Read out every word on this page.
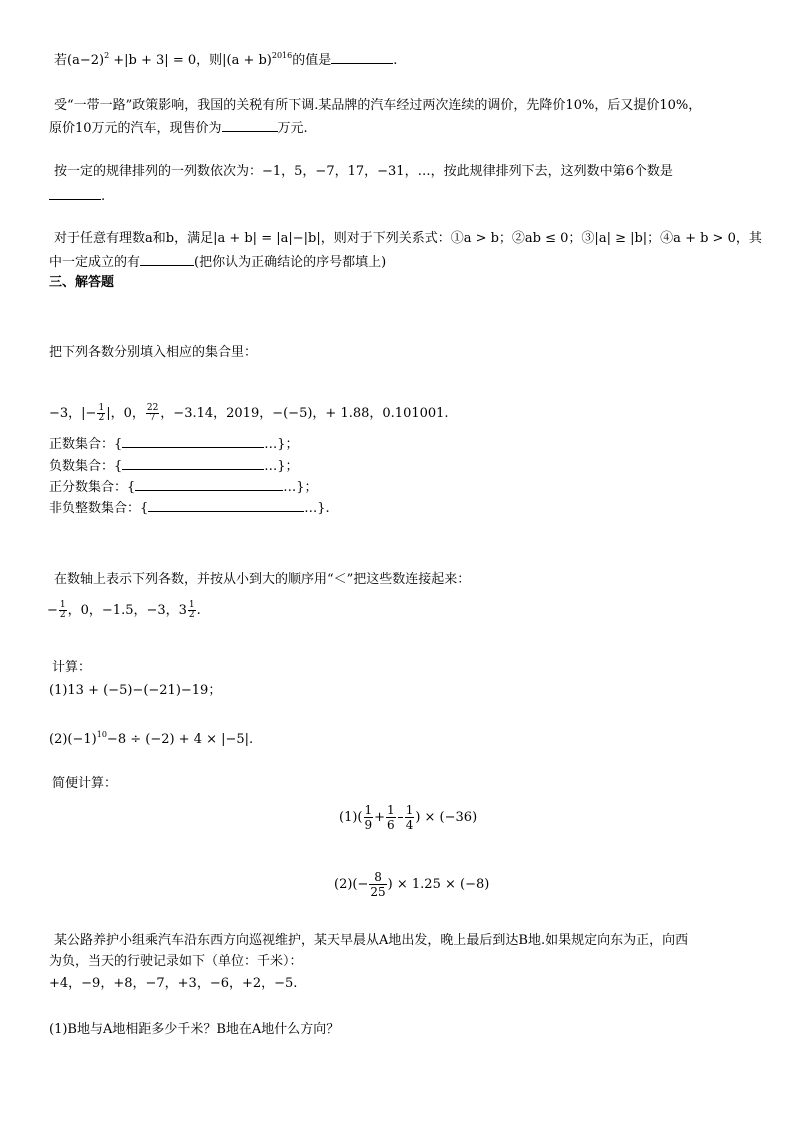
若$(a-2)^2 +|b + 3| = 0$，则$|(a + b)^{2016}$的值是	.
受“一带一路”政策影响，我国的关税有所下调.某品牌的汽车经过两次连续的调价，先降价10%，后又提价10%，
原价10万元的汽车，现售价为	万元.
按一定的规律排列的一列数依次为：−1，5，−7，17，−31，…，按此规律排列下去，这列数中第6个数是
.
对于任意有理数a和b，满足|a + b| = |a|−|b|，则对于下列关系式：①a > b；②ab ≤ 0；③|a| ≥ |b|；④a + b > 0，其
中一定成立的有	(把你认为正确结论的序号都填上)
三、解答题
把下列各数分别填入相应的集合里：
−3，|− $\frac{1}{2}$ |，0， $\frac{22}{7}$ ，−3.14，2019，−(−5)，+ 1.88，0.101001.
正数集合：{	…}；
负数集合：{	…}；
正分数集合：{	…}；
非负整数集合：{	…}.
在数轴上表示下列各数，并按从小到大的顺序用“＜”把这些数连接起来：
− $\frac{1}{2}$ ，0，−1.5，−3，$3 \frac{1}{2}$ .
计算：
(1)13 + (−5)−(−21)−19；
$(2)(-1)^{10}-8 \div (-2) + 4 \times |-5|$.
简便计算：
$(1)( \frac{1}{9} + \frac{1}{6} \frac{1}{4}$ ) × (−36)
$(2)(- \frac{8}{25}$ ) × 1.25 × (−8)
某公路养护小组乘汽车沿东西方向巡视维护，某天早晨从A地出发，晚上最后到达B地.如果规定向东为正，向西
为负，当天的行驶记录如下（单位：千米）：
+4，−9，+8，−7，+3，−6，+2，−5.
(1)B地与A地相距多少千米？B地在A地什么方向？
